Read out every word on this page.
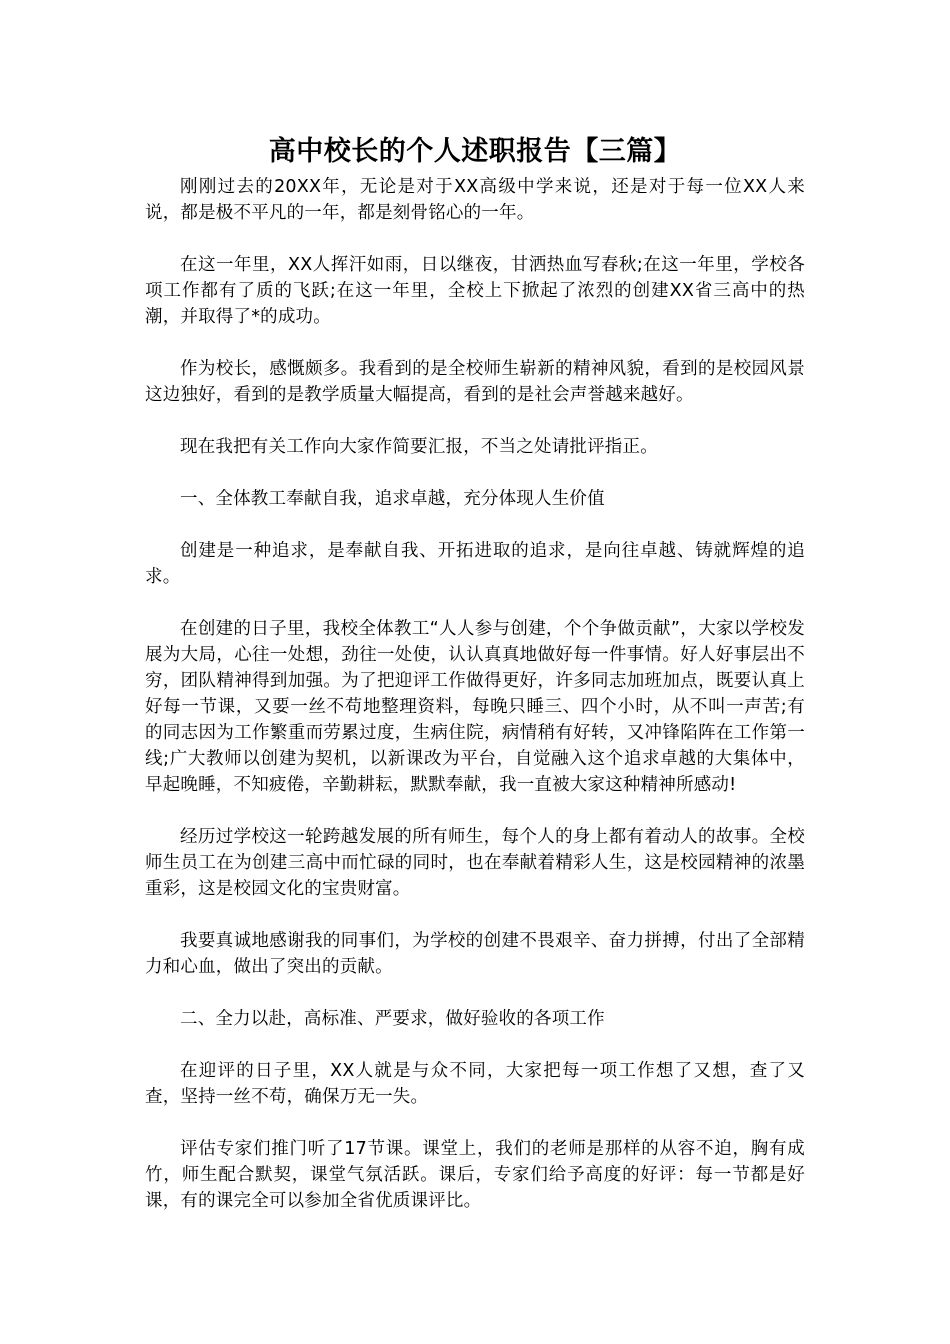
高中校长的个人述职报告【三篇】

刚刚过去的20XX年，无论是对于XX高级中学来说，还是对于每一位XX人来说，都是极不平凡的一年，都是刻骨铭心的一年。

在这一年里，XX人挥汗如雨，日以继夜，甘洒热血写春秋;在这一年里，学校各项工作都有了质的飞跃;在这一年里，全校上下掀起了浓烈的创建XX省三高中的热潮，并取得了*的成功。

作为校长，感慨颇多。我看到的是全校师生崭新的精神风貌，看到的是校园风景这边独好，看到的是教学质量大幅提高，看到的是社会声誉越来越好。

现在我把有关工作向大家作简要汇报，不当之处请批评指正。

一、全体教工奉献自我，追求卓越，充分体现人生价值

创建是一种追求，是奉献自我、开拓进取的追求，是向往卓越、铸就辉煌的追求。

在创建的日子里，我校全体教工“人人参与创建，个个争做贡献”，大家以学校发展为大局，心往一处想，劲往一处使，认认真真地做好每一件事情。好人好事层出不穷，团队精神得到加强。为了把迎评工作做得更好，许多同志加班加点，既要认真上好每一节课，又要一丝不苟地整理资料，每晚只睡三、四个小时，从不叫一声苦;有的同志因为工作繁重而劳累过度，生病住院，病情稍有好转，又冲锋陷阵在工作第一线;广大教师以创建为契机，以新课改为平台，自觉融入这个追求卓越的大集体中，早起晚睡，不知疲倦，辛勤耕耘，默默奉献，我一直被大家这种精神所感动!

经历过学校这一轮跨越发展的所有师生，每个人的身上都有着动人的故事。全校师生员工在为创建三高中而忙碌的同时，也在奉献着精彩人生，这是校园精神的浓墨重彩，这是校园文化的宝贵财富。

我要真诚地感谢我的同事们，为学校的创建不畏艰辛、奋力拼搏，付出了全部精力和心血，做出了突出的贡献。

二、全力以赴，高标准、严要求，做好验收的各项工作

在迎评的日子里，XX人就是与众不同，大家把每一项工作想了又想，查了又查，坚持一丝不苟，确保万无一失。

评估专家们推门听了17节课。课堂上，我们的老师是那样的从容不迫，胸有成竹，师生配合默契，课堂气氛活跃。课后，专家们给予高度的好评：每一节都是好课，有的课完全可以参加全省优质课评比。
